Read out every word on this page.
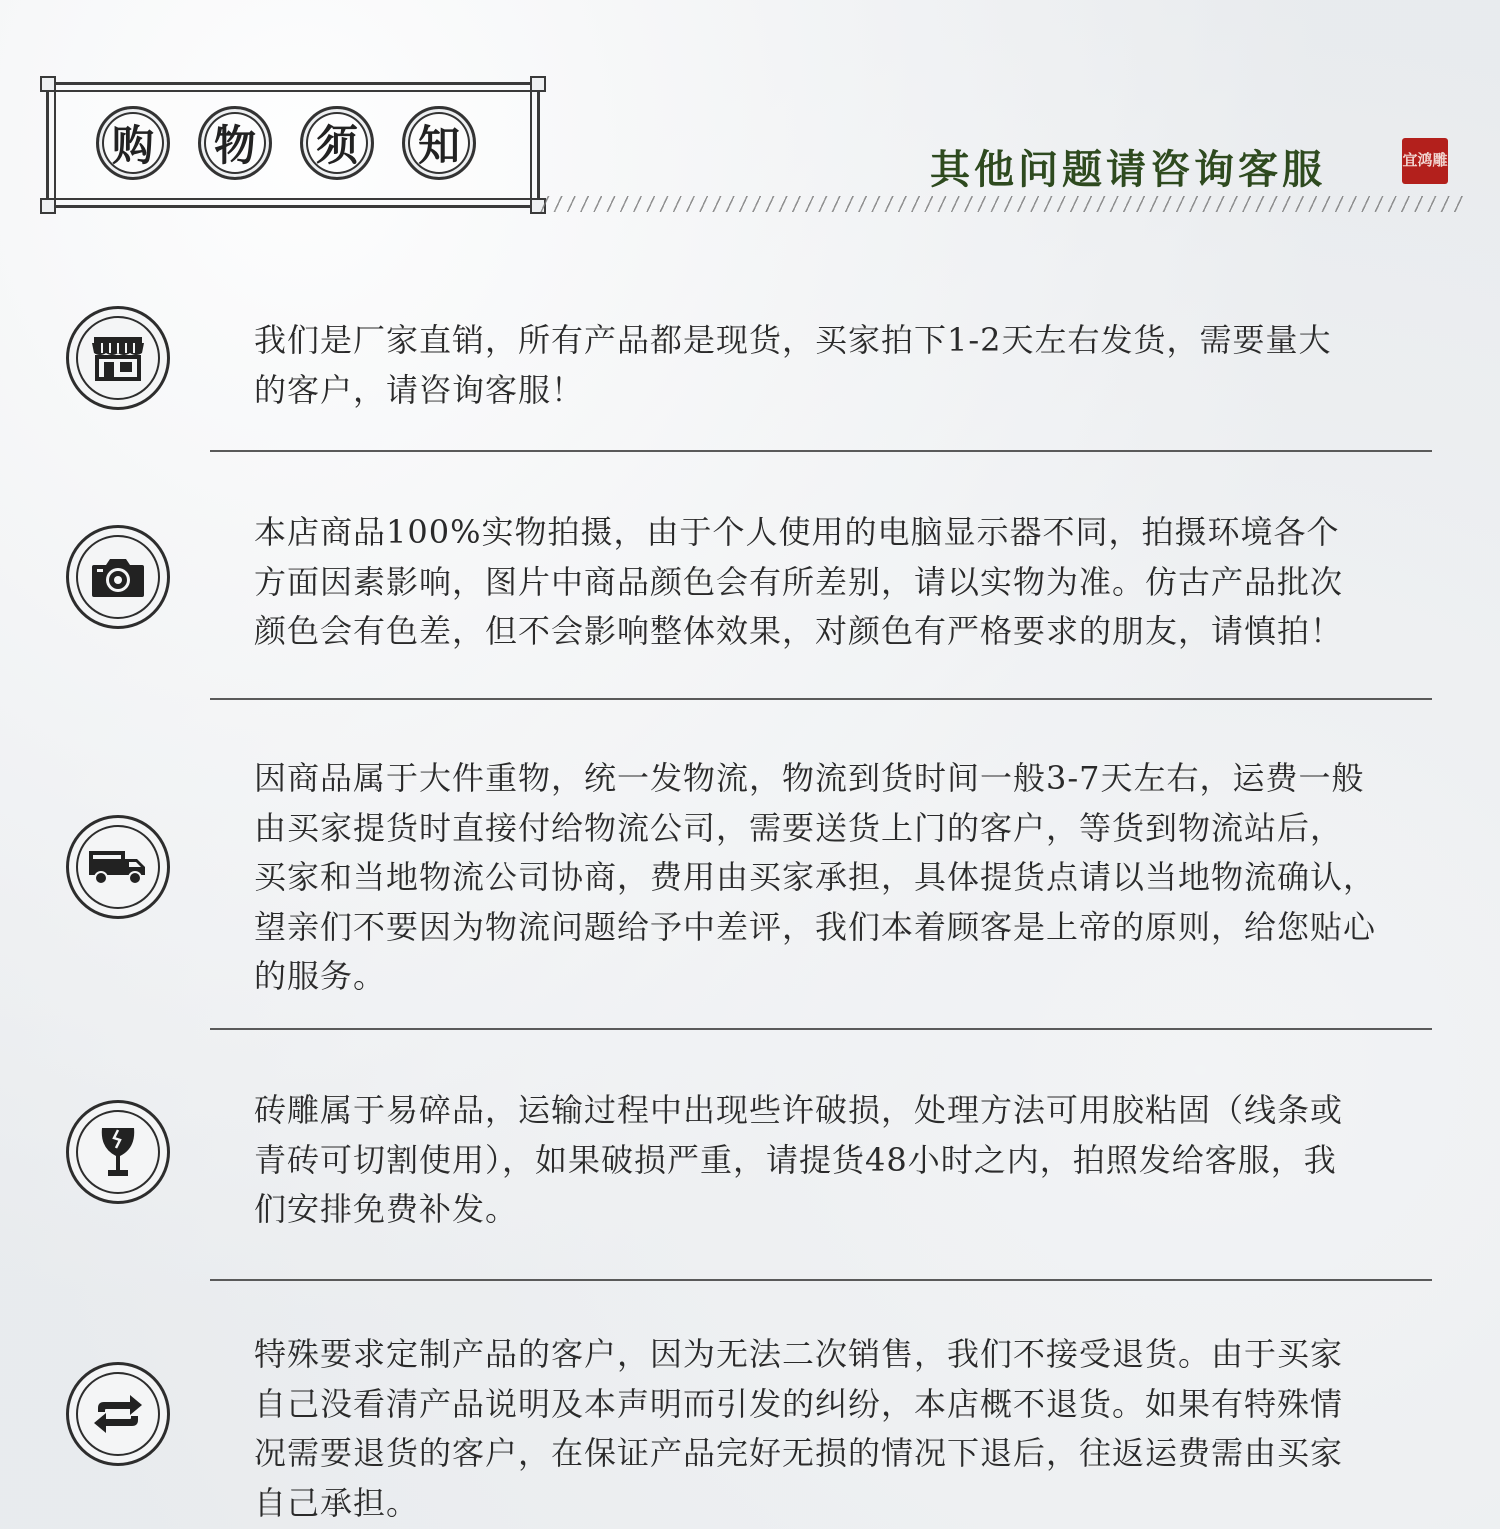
购	物	须	知	其他问题请咨询客服	宜鸿雕
我们是厂家直销，所有产品都是现货，买家拍下1-2天左右发货，需要量大
的客户，请咨询客服！
本店商品100%实物拍摄，由于个人使用的电脑显示器不同，拍摄环境各个
方面因素影响，图片中商品颜色会有所差别，请以实物为准。仿古产品批次
颜色会有色差，但不会影响整体效果，对颜色有严格要求的朋友，请慎拍！
因商品属于大件重物，统一发物流，物流到货时间一般3-7天左右，运费一般
由买家提货时直接付给物流公司，需要送货上门的客户，等货到物流站后，
买家和当地物流公司协商，费用由买家承担，具体提货点请以当地物流确认，
望亲们不要因为物流问题给予中差评，我们本着顾客是上帝的原则，给您贴心
的服务。
砖雕属于易碎品，运输过程中出现些许破损，处理方法可用胶粘固（线条或
青砖可切割使用），如果破损严重，请提货48小时之内，拍照发给客服，我
们安排免费补发。
特殊要求定制产品的客户，因为无法二次销售，我们不接受退货。由于买家
自己没看清产品说明及本声明而引发的纠纷，本店概不退货。如果有特殊情
况需要退货的客户，在保证产品完好无损的情况下退后，往返运费需由买家
自己承担。
